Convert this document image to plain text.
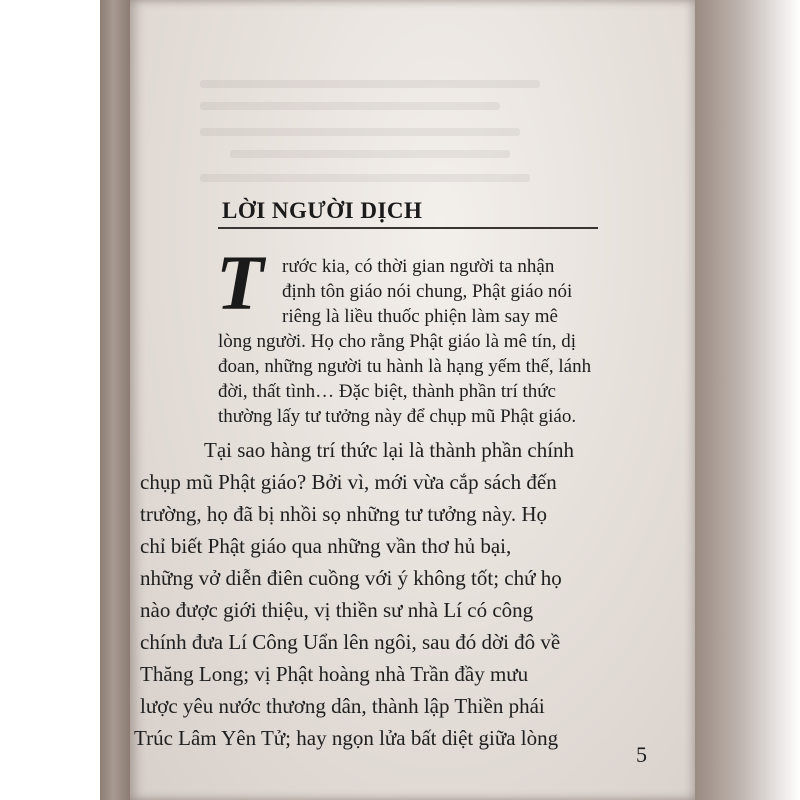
LỜI NGƯỜI DỊCH
T rước kia, có thời gian người ta nhận
định tôn giáo nói chung, Phật giáo nói
riêng là liều thuốc phiện làm say mê
lòng người. Họ cho rằng Phật giáo là mê tín, dị
đoan, những người tu hành là hạng yếm thế, lánh
đời, thất tình… Đặc biệt, thành phần trí thức
thường lấy tư tưởng này để chụp mũ Phật giáo.
Tại sao hàng trí thức lại là thành phần chính
chụp mũ Phật giáo? Bởi vì, mới vừa cắp sách đến
trường, họ đã bị nhồi sọ những tư tưởng này. Họ
chỉ biết Phật giáo qua những vần thơ hủ bại,
những vở diễn điên cuồng với ý không tốt; chứ họ
nào được giới thiệu, vị thiền sư nhà Lí có công
chính đưa Lí Công Uẩn lên ngôi, sau đó dời đô về
Thăng Long; vị Phật hoàng nhà Trần đầy mưu
lược yêu nước thương dân, thành lập Thiền phái
Trúc Lâm Yên Tử; hay ngọn lửa bất diệt giữa lòng
5
